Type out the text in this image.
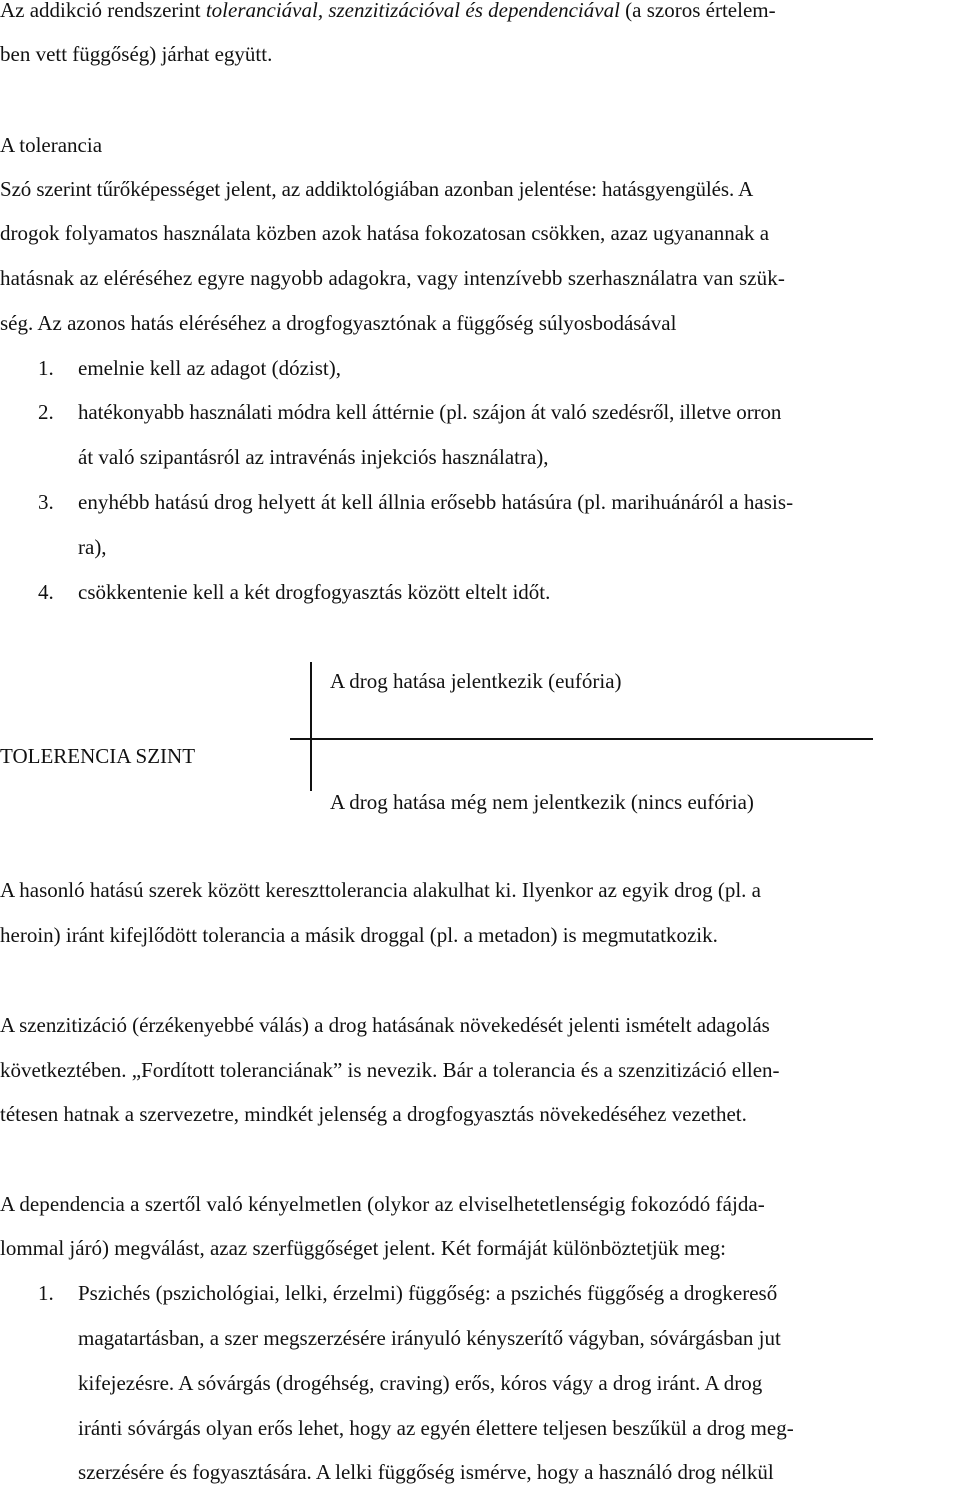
Az addikció rendszerint toleranciával, szenzitizációval és dependenciával (a szoros értelem-
ben vett függőség) járhat együtt.
A tolerancia
Szó szerint tűrőképességet jelent, az addiktológiában azonban jelentése: hatásgyengülés. A
drogok folyamatos használata közben azok hatása fokozatosan csökken, azaz ugyanannak a
hatásnak az eléréséhez egyre nagyobb adagokra, vagy intenzívebb szerhasználatra van szük-
ség. Az azonos hatás eléréséhez a drogfogyasztónak a függőség súlyosbodásával
1. emelnie kell az adagot (dózist),
2. hatékonyabb használati módra kell áttérnie (pl. szájon át való szedésről, illetve orron
át való szipantásról az intravénás injekciós használatra),
3. enyhébb hatású drog helyett át kell állnia erősebb hatásúra (pl. marihuánáról a hasis-
ra),
4. csökkentenie kell a két drogfogyasztás között eltelt időt.
A drog hatása jelentkezik (eufória)
TOLERENCIA SZINT
A drog hatása még nem jelentkezik (nincs eufória)
A hasonló hatású szerek között kereszttolerancia alakulhat ki. Ilyenkor az egyik drog (pl. a
heroin) iránt kifejlődött tolerancia a másik droggal (pl. a metadon) is megmutatkozik.
A szenzitizáció (érzékenyebbé válás) a drog hatásának növekedését jelenti ismételt adagolás
következtében. „Fordított toleranciának” is nevezik. Bár a tolerancia és a szenzitizáció ellen-
tétesen hatnak a szervezetre, mindkét jelenség a drogfogyasztás növekedéséhez vezethet.
A dependencia a szertől való kényelmetlen (olykor az elviselhetetlenségig fokozódó fájda-
lommal járó) megválást, azaz szerfüggőséget jelent. Két formáját különböztetjük meg:
1. Pszichés (pszichológiai, lelki, érzelmi) függőség: a pszichés függőség a drogkereső
magatartásban, a szer megszerzésére irányuló kényszerítő vágyban, sóvárgásban jut
kifejezésre. A sóvárgás (drogéhség, craving) erős, kóros vágy a drog iránt. A drog
iránti sóvárgás olyan erős lehet, hogy az egyén élettere teljesen beszűkül a drog meg-
szerzésére és fogyasztására. A lelki függőség ismérve, hogy a használó drog nélkül
